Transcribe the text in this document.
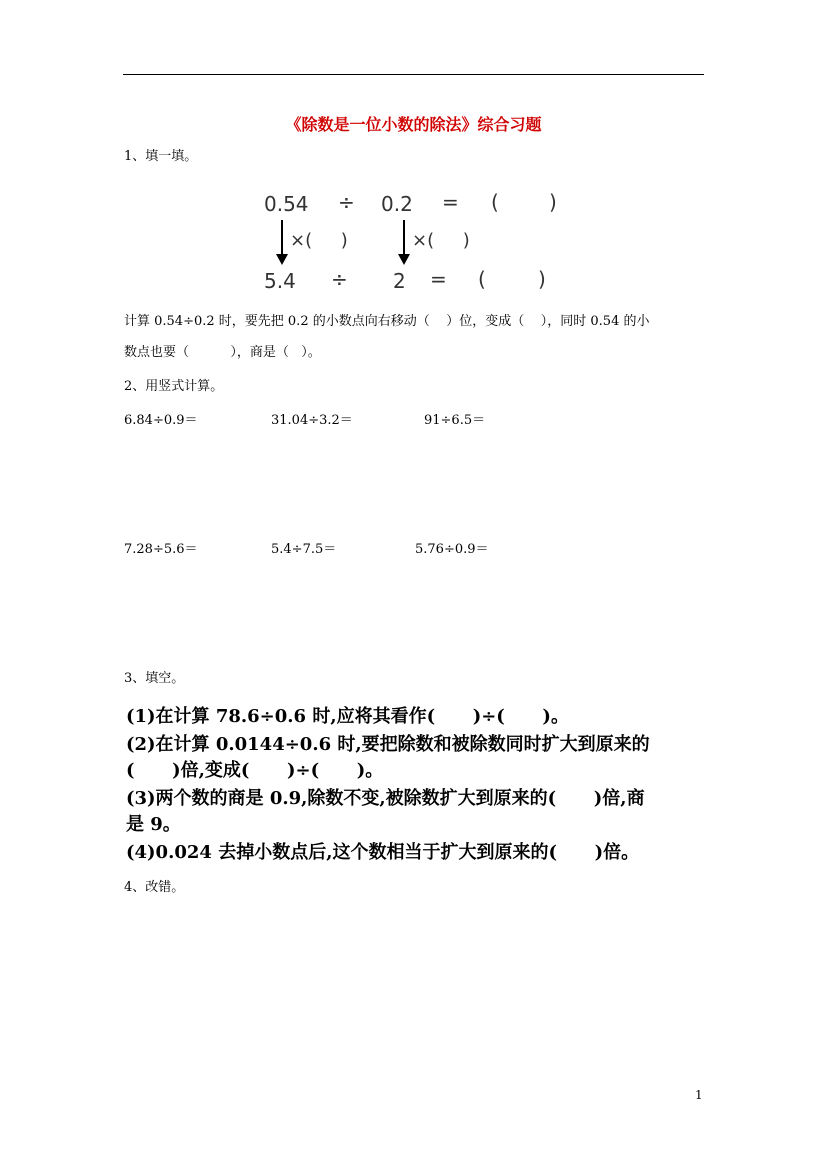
《除数是一位小数的除法》综合习题
1、填一填。
0.54 ÷ 0.2 = (	)
×(     )	×(     )
5.4 ÷ 2 = (	)
计算 0.54÷0.2 时，要先把 0.2 的小数点向右移动（    ）位，变成（    ），同时 0.54 的小
数点也要（          ），商是（   ）。
2、用竖式计算。
6.84÷0.9＝	31.04÷3.2＝	91÷6.5＝
7.28÷5.6＝	5.4÷7.5＝	5.76÷0.9＝
3、填空。
(1)在计算 78.6÷0.6 时,应将其看作(      )÷(      )。
(2)在计算 0.0144÷0.6 时,要把除数和被除数同时扩大到原来的
(      )倍,变成(      )÷(      )。
(3)两个数的商是 0.9,除数不变,被除数扩大到原来的(      )倍,商
是 9。
(4)0.024 去掉小数点后,这个数相当于扩大到原来的(      )倍。
4、改错。
1
